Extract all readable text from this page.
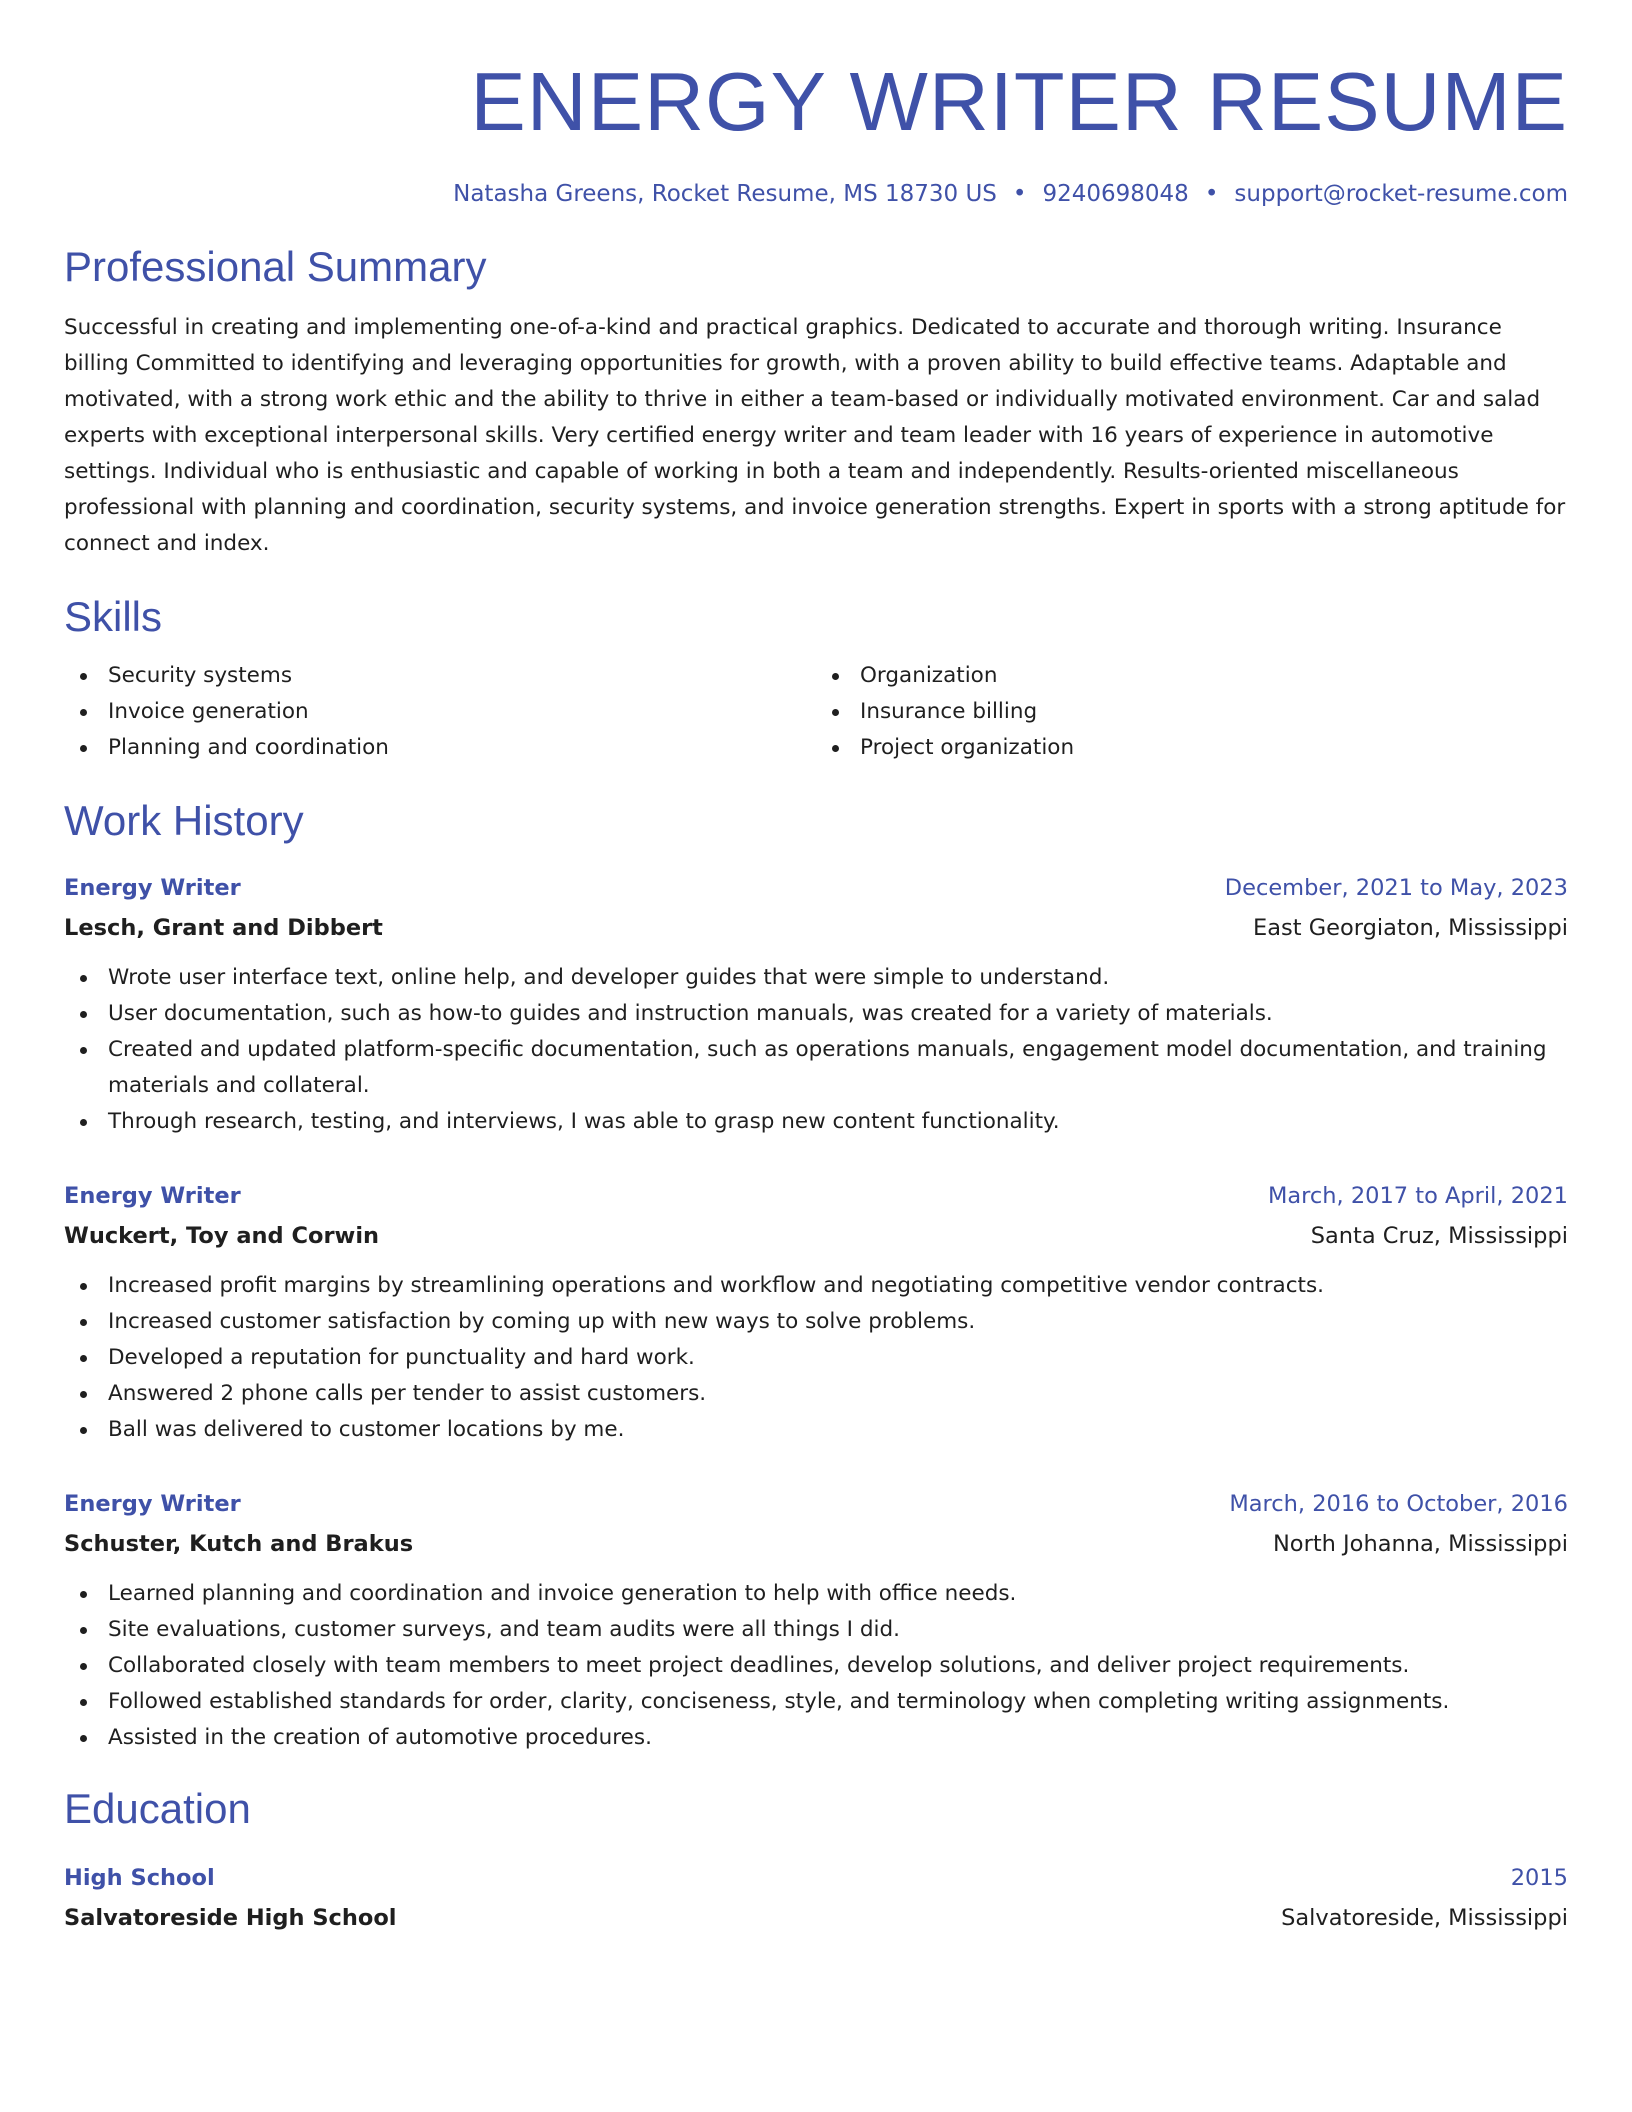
ENERGY WRITER RESUME
Natasha Greens, Rocket Resume, MS 18730 US • 9240698048 • support@rocket-resume.com
Professional Summary

Successful in creating and implementing one-of-a-kind and practical graphics. Dedicated to accurate and thorough writing. Insurance billing Committed to identifying and leveraging opportunities for growth, with a proven ability to build effective teams. Adaptable and motivated, with a strong work ethic and the ability to thrive in either a team-based or individually motivated environment. Car and salad experts with exceptional interpersonal skills. Very certified energy writer and team leader with 16 years of experience in automotive settings. Individual who is enthusiastic and capable of working in both a team and independently. Results-oriented miscellaneous professional with planning and coordination, security systems, and invoice generation strengths. Expert in sports with a strong aptitude for connect and index.

Skills
Security systems
Invoice generation
Planning and coordination
Organization
Insurance billing
Project organization
Work History
Energy Writer	December, 2021 to May, 2023
Lesch, Grant and Dibbert	East Georgiaton, Mississippi
Wrote user interface text, online help, and developer guides that were simple to understand.
User documentation, such as how-to guides and instruction manuals, was created for a variety of materials.
Created and updated platform-specific documentation, such as operations manuals, engagement model documentation, and training materials and collateral.
Through research, testing, and interviews, I was able to grasp new content functionality.
Energy Writer	March, 2017 to April, 2021
Wuckert, Toy and Corwin	Santa Cruz, Mississippi
Increased profit margins by streamlining operations and workflow and negotiating competitive vendor contracts.
Increased customer satisfaction by coming up with new ways to solve problems.
Developed a reputation for punctuality and hard work.
Answered 2 phone calls per tender to assist customers.
Ball was delivered to customer locations by me.
Energy Writer	March, 2016 to October, 2016
Schuster, Kutch and Brakus	North Johanna, Mississippi
Learned planning and coordination and invoice generation to help with office needs.
Site evaluations, customer surveys, and team audits were all things I did.
Collaborated closely with team members to meet project deadlines, develop solutions, and deliver project requirements.
Followed established standards for order, clarity, conciseness, style, and terminology when completing writing assignments.
Assisted in the creation of automotive procedures.
Education
High School	2015
Salvatoreside High School	Salvatoreside, Mississippi
